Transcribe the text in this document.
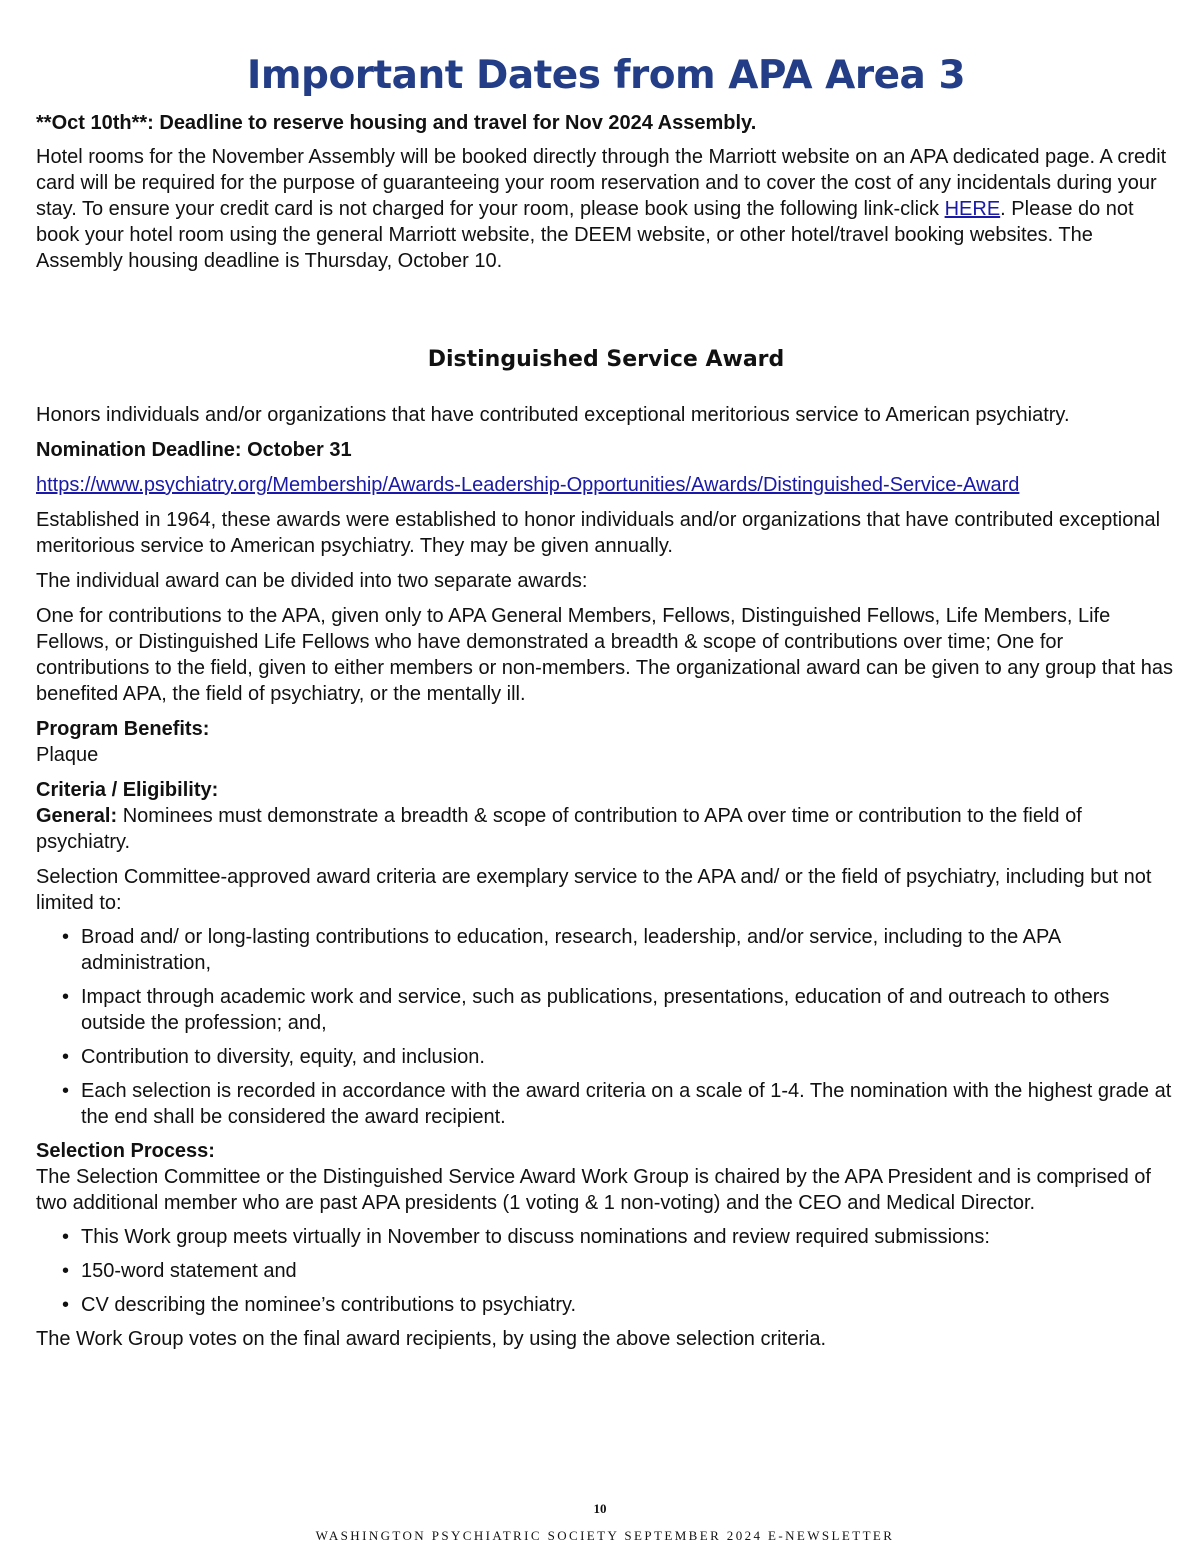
Important Dates from APA Area 3

**Oct 10th**: Deadline to reserve housing and travel for Nov 2024 Assembly.

Hotel rooms for the November Assembly will be booked directly through the Marriott website on an APA dedicated page. A credit card will be required for the purpose of guaranteeing your room reservation and to cover the cost of any incidentals during your stay. To ensure your credit card is not charged for your room, please book using the following link-click HERE. Please do not book your hotel room using the general Marriott website, the DEEM website, or other hotel/travel booking websites. The Assembly housing deadline is Thursday, October 10.

Distinguished Service Award

Honors individuals and/or organizations that have contributed exceptional meritorious service to American psychiatry.

Nomination Deadline: October 31

https://www.psychiatry.org/Membership/Awards-Leadership-Opportunities/Awards/Distinguished-Service-Award

Established in 1964, these awards were established to honor individuals and/or organizations that have contributed exceptional meritorious service to American psychiatry. They may be given annually.

The individual award can be divided into two separate awards:

One for contributions to the APA, given only to APA General Members, Fellows, Distinguished Fellows, Life Members, Life Fellows, or Distinguished Life Fellows who have demonstrated a breadth & scope of contributions over time; One for contributions to the field, given to either members or non-members. The organizational award can be given to any group that has benefited APA, the field of psychiatry, or the mentally ill.

Program Benefits:

Plaque

Criteria / Eligibility:

General: Nominees must demonstrate a breadth & scope of contribution to APA over time or contribution to the field of psychiatry.

Selection Committee-approved award criteria are exemplary service to the APA and/ or the field of psychiatry, including but not limited to:

• Broad and/ or long-lasting contributions to education, research, leadership, and/or service, including to the APA administration,
• Impact through academic work and service, such as publications, presentations, education of and outreach to others outside the profession; and,
• Contribution to diversity, equity, and inclusion.
• Each selection is recorded in accordance with the award criteria on a scale of 1-4. The nomination with the highest grade at the end shall be considered the award recipient.

Selection Process:

The Selection Committee or the Distinguished Service Award Work Group is chaired by the APA President and is comprised of two additional member who are past APA presidents (1 voting & 1 non-voting) and the CEO and Medical Director.

• This Work group meets virtually in November to discuss nominations and review required submissions:
• 150-word statement and
• CV describing the nominee’s contributions to psychiatry.

The Work Group votes on the final award recipients, by using the above selection criteria.

10
WASHINGTON PSYCHIATRIC SOCIETY SEPTEMBER 2024 E-NEWSLETTER
